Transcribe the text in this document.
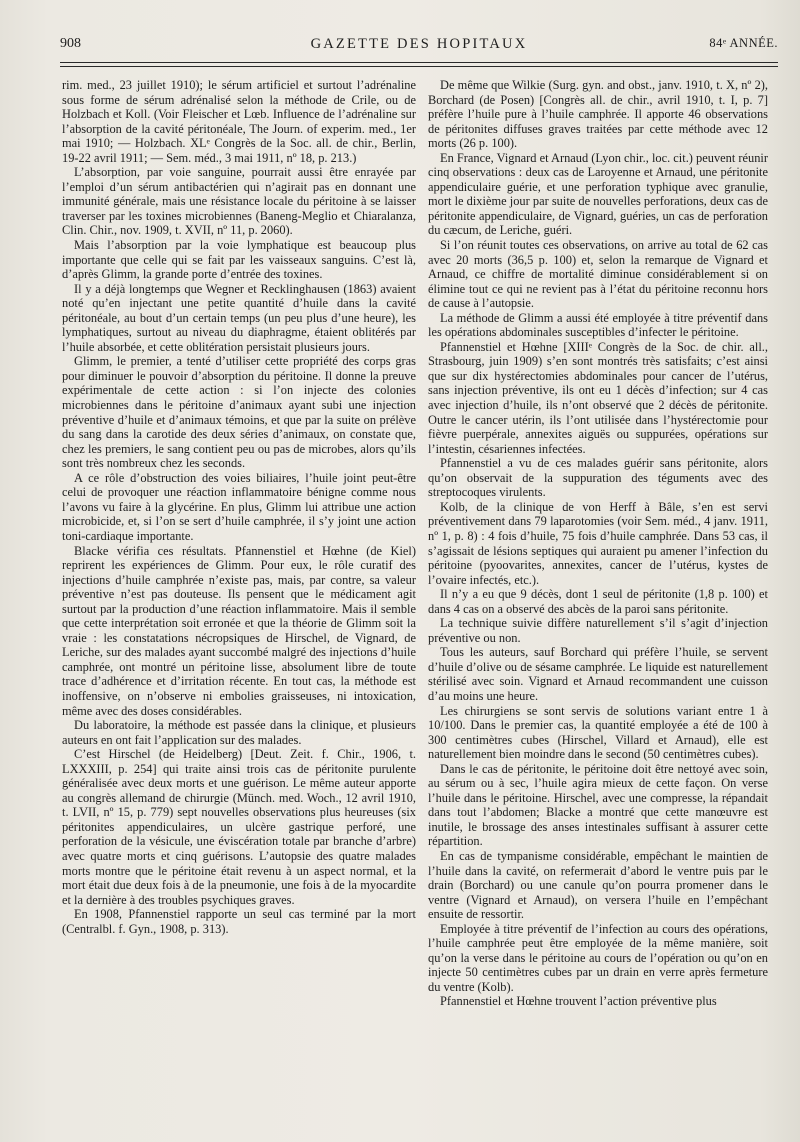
908	GAZETTE DES HOPITAUX	84ᵉ ANNÉE.

rim. med., 23 juillet 1910); le sérum artificiel et surtout l’adrénaline sous forme de sérum adrénalisé selon la méthode de Crile, ou de Holzbach et Koll. (Voir Fleischer et Lœb. Influence de l’adrénaline sur l’absorption de la cavité péritonéale, The Journ. of experim. med., 1er mai 1910; — Holzbach. XLᵉ Congrès de la Soc. all. de chir., Berlin, 19-22 avril 1911; — Sem. méd., 3 mai 1911, nº 18, p. 213.)

L’absorption, par voie sanguine, pourrait aussi être enrayée par l’emploi d’un sérum antibactérien qui n’agirait pas en donnant une immunité générale, mais une résistance locale du péritoine à se laisser traverser par les toxines microbiennes (Baneng-Meglio et Chiaralanza, Clin. Chir., nov. 1909, t. XVII, nº 11, p. 2060).

Mais l’absorption par la voie lymphatique est beaucoup plus importante que celle qui se fait par les vaisseaux sanguins. C’est là, d’après Glimm, la grande porte d’entrée des toxines.

Il y a déjà longtemps que Wegner et Recklinghausen (1863) avaient noté qu’en injectant une petite quantité d’huile dans la cavité péritonéale, au bout d’un certain temps (un peu plus d’une heure), les lymphatiques, surtout au niveau du diaphragme, étaient oblitérés par l’huile absorbée, et cette oblitération persistait plusieurs jours.

Glimm, le premier, a tenté d’utiliser cette propriété des corps gras pour diminuer le pouvoir d’absorption du péritoine. Il donne la preuve expérimentale de cette action : si l’on injecte des colonies microbiennes dans le péritoine d’animaux ayant subi une injection préventive d’huile et d’animaux témoins, et que par la suite on prélève du sang dans la carotide des deux séries d’animaux, on constate que, chez les premiers, le sang contient peu ou pas de microbes, alors qu’ils sont très nombreux chez les seconds.

A ce rôle d’obstruction des voies biliaires, l’huile joint peut-être celui de provoquer une réaction inflammatoire bénigne comme nous l’avons vu faire à la glycérine. En plus, Glimm lui attribue une action microbicide, et, si l’on se sert d’huile camphrée, il s’y joint une action toni-cardiaque importante.

Blacke vérifia ces résultats. Pfannenstiel et Hœhne (de Kiel) reprirent les expériences de Glimm. Pour eux, le rôle curatif des injections d’huile camphrée n’existe pas, mais, par contre, sa valeur préventive n’est pas douteuse. Ils pensent que le médicament agit surtout par la production d’une réaction inflammatoire. Mais il semble que cette interprétation soit erronée et que la théorie de Glimm soit la vraie : les constatations nécropsiques de Hirschel, de Vignard, de Leriche, sur des malades ayant succombé malgré des injections d’huile camphrée, ont montré un péritoine lisse, absolument libre de toute trace d’adhérence et d’irritation récente. En tout cas, la méthode est inoffensive, on n’observe ni embolies graisseuses, ni intoxication, même avec des doses considérables.

Du laboratoire, la méthode est passée dans la clinique, et plusieurs auteurs en ont fait l’application sur des malades.

C’est Hirschel (de Heidelberg) [Deut. Zeit. f. Chir., 1906, t. LXXXIII, p. 254] qui traite ainsi trois cas de péritonite purulente généralisée avec deux morts et une guérison. Le même auteur apporte au congrès allemand de chirurgie (Münch. med. Woch., 12 avril 1910, t. LVII, nº 15, p. 779) sept nouvelles observations plus heureuses (six péritonites appendiculaires, un ulcère gastrique perforé, une perforation de la vésicule, une éviscération totale par branche d’arbre) avec quatre morts et cinq guérisons. L’autopsie des quatre malades morts montre que le péritoine était revenu à un aspect normal, et la mort était due deux fois à de la pneumonie, une fois à de la myocardite et la dernière à des troubles psychiques graves.

En 1908, Pfannenstiel rapporte un seul cas terminé par la mort (Centralbl. f. Gyn., 1908, p. 313).

De même que Wilkie (Surg. gyn. and obst., janv. 1910, t. X, nº 2), Borchard (de Posen) [Congrès all. de chir., avril 1910, t. I, p. 7] préfère l’huile pure à l’huile camphrée. Il apporte 46 observations de péritonites diffuses graves traitées par cette méthode avec 12 morts (26 p. 100).

En France, Vignard et Arnaud (Lyon chir., loc. cit.) peuvent réunir cinq observations : deux cas de Laroyenne et Arnaud, une péritonite appendiculaire guérie, et une perforation typhique avec granulie, mort le dixième jour par suite de nouvelles perforations, deux cas de péritonite appendiculaire, de Vignard, guéries, un cas de perforation du cæcum, de Leriche, guéri.

Si l’on réunit toutes ces observations, on arrive au total de 62 cas avec 20 morts (36,5 p. 100) et, selon la remarque de Vignard et Arnaud, ce chiffre de mortalité diminue considérablement si on élimine tout ce qui ne revient pas à l’état du péritoine reconnu hors de cause à l’autopsie.

La méthode de Glimm a aussi été employée à titre préventif dans les opérations abdominales susceptibles d’infecter le péritoine.

Pfannenstiel et Hœhne [XIIIᵉ Congrès de la Soc. de chir. all., Strasbourg, juin 1909) s’en sont montrés très satisfaits; c’est ainsi que sur dix hystérectomies abdominales pour cancer de l’utérus, sans injection préventive, ils ont eu 1 décès d’infection; sur 4 cas avec injection d’huile, ils n’ont observé que 2 décès de péritonite. Outre le cancer utérin, ils l’ont utilisée dans l’hystérectomie pour fièvre puerpérale, annexites aiguës ou suppurées, opérations sur l’intestin, césariennes infectées.

Pfannenstiel a vu de ces malades guérir sans péritonite, alors qu’on observait de la suppuration des téguments avec des streptocoques virulents.

Kolb, de la clinique de von Herff à Bâle, s’en est servi préventivement dans 79 laparotomies (voir Sem. méd., 4 janv. 1911, nº 1, p. 8) : 4 fois d’huile, 75 fois d’huile camphrée. Dans 53 cas, il s’agissait de lésions septiques qui auraient pu amener l’infection du péritoine (pyoovarites, annexites, cancer de l’utérus, kystes de l’ovaire infectés, etc.).

Il n’y a eu que 9 décès, dont 1 seul de péritonite (1,8 p. 100) et dans 4 cas on a observé des abcès de la paroi sans péritonite.

La technique suivie diffère naturellement s’il s’agit d’injection préventive ou non.

Tous les auteurs, sauf Borchard qui préfère l’huile, se servent d’huile d’olive ou de sésame camphrée. Le liquide est naturellement stérilisé avec soin. Vignard et Arnaud recommandent une cuisson d’au moins une heure.

Les chirurgiens se sont servis de solutions variant entre 1 à 10/100. Dans le premier cas, la quantité employée a été de 100 à 300 centimètres cubes (Hirschel, Villard et Arnaud), elle est naturellement bien moindre dans le second (50 centimètres cubes).

Dans le cas de péritonite, le péritoine doit être nettoyé avec soin, au sérum ou à sec, l’huile agira mieux de cette façon. On verse l’huile dans le péritoine. Hirschel, avec une compresse, la répandait dans tout l’abdomen; Blacke a montré que cette manœuvre est inutile, le brossage des anses intestinales suffisant à assurer cette répartition.

En cas de tympanisme considérable, empêchant le maintien de l’huile dans la cavité, on refermerait d’abord le ventre puis par le drain (Borchard) ou une canule qu’on pourra promener dans le ventre (Vignard et Arnaud), on versera l’huile en l’empêchant ensuite de ressortir.

Employée à titre préventif de l’infection au cours des opérations, l’huile camphrée peut être employée de la même manière, soit qu’on la verse dans le péritoine au cours de l’opération ou qu’on en injecte 50 centimètres cubes par un drain en verre après fermeture du ventre (Kolb).

Pfannenstiel et Hœhne trouvent l’action préventive plus
